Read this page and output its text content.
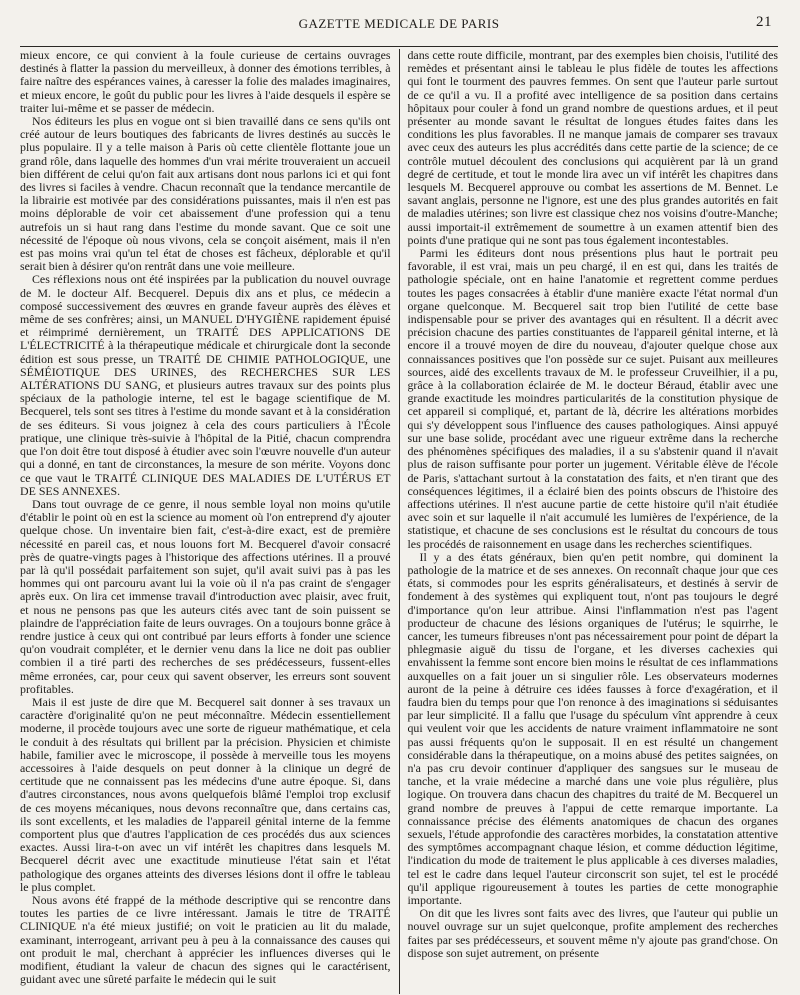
GAZETTE MEDICALE DE PARIS	21

mieux encore, ce qui convient à la foule curieuse de certains ouvrages destinés à flatter la passion du merveilleux, à donner des émotions terribles, à faire naître des espérances vaines, à caresser la folie des malades imaginaires, et mieux encore, le goût du public pour les livres à l'aide desquels il espère se traiter lui-même et se passer de médecin.

Nos éditeurs les plus en vogue ont si bien travaillé dans ce sens qu'ils ont créé autour de leurs boutiques des fabricants de livres destinés au succès le plus populaire. Il y a telle maison à Paris où cette clientèle flottante joue un grand rôle, dans laquelle des hommes d'un vrai mérite trouveraient un accueil bien différent de celui qu'on fait aux artisans dont nous parlons ici et qui font des livres si faciles à vendre. Chacun reconnaît que la tendance mercantile de la librairie est motivée par des considérations puissantes, mais il n'en est pas moins déplorable de voir cet abaissement d'une profession qui a tenu autrefois un si haut rang dans l'estime du monde savant. Que ce soit une nécessité de l'époque où nous vivons, cela se conçoit aisément, mais il n'en est pas moins vrai qu'un tel état de choses est fâcheux, déplorable et qu'il serait bien à désirer qu'on rentrât dans une voie meilleure.

Ces réflexions nous ont été inspirées par la publication du nouvel ouvrage de M. le docteur Alf. Becquerel. Depuis dix ans et plus, ce médecin a composé successivement des œuvres en grande faveur auprès des élèves et même de ses confrères; ainsi, un MANUEL D'HYGIÈNE rapidement épuisé et réimprimé dernièrement, un TRAITÉ DES APPLICATIONS DE L'ÉLECTRICITÉ à la thérapeutique médicale et chirurgicale dont la seconde édition est sous presse, un TRAITÉ DE CHIMIE PATHOLOGIQUE, une SÉMÉIOTIQUE DES URINES, des RECHERCHES SUR LES ALTÉRATIONS DU SANG, et plusieurs autres travaux sur des points plus spéciaux de la pathologie interne, tel est le bagage scientifique de M. Becquerel, tels sont ses titres à l'estime du monde savant et à la considération de ses éditeurs. Si vous joignez à cela des cours particuliers à l'École pratique, une clinique très-suivie à l'hôpital de la Pitié, chacun comprendra que l'on doit être tout disposé à étudier avec soin l'œuvre nouvelle d'un auteur qui a donné, en tant de circonstances, la mesure de son mérite. Voyons donc ce que vaut le TRAITÉ CLINIQUE DES MALADIES DE L'UTÉRUS ET DE SES ANNEXES.

Dans tout ouvrage de ce genre, il nous semble loyal non moins qu'utile d'établir le point où en est la science au moment où l'on entreprend d'y ajouter quelque chose. Un inventaire bien fait, c'est-à-dire exact, est de première nécessité en pareil cas, et nous louons fort M. Becquerel d'avoir consacré près de quatre-vingts pages à l'historique des affections utérines. Il a prouvé par là qu'il possédait parfaitement son sujet, qu'il avait suivi pas à pas les hommes qui ont parcouru avant lui la voie où il n'a pas craint de s'engager après eux. On lira cet immense travail d'introduction avec plaisir, avec fruit, et nous ne pensons pas que les auteurs cités avec tant de soin puissent se plaindre de l'appréciation faite de leurs ouvrages. On a toujours bonne grâce à rendre justice à ceux qui ont contribué par leurs efforts à fonder une science qu'on voudrait compléter, et le dernier venu dans la lice ne doit pas oublier combien il a tiré parti des recherches de ses prédécesseurs, fussent-elles même erronées, car, pour ceux qui savent observer, les erreurs sont souvent profitables.

Mais il est juste de dire que M. Becquerel sait donner à ses travaux un caractère d'originalité qu'on ne peut méconnaître. Médecin essentiellement moderne, il procède toujours avec une sorte de rigueur mathématique, et cela le conduit à des résultats qui brillent par la précision. Physicien et chimiste habile, familier avec le microscope, il possède à merveille tous les moyens accessoires à l'aide desquels on peut donner à la clinique un degré de certitude que ne connaissent pas les médecins d'une autre époque. Si, dans d'autres circonstances, nous avons quelquefois blâmé l'emploi trop exclusif de ces moyens mécaniques, nous devons reconnaître que, dans certains cas, ils sont excellents, et les maladies de l'appareil génital interne de la femme comportent plus que d'autres l'application de ces procédés dus aux sciences exactes. Aussi lira-t-on avec un vif intérêt les chapitres dans lesquels M. Becquerel décrit avec une exactitude minutieuse l'état sain et l'état pathologique des organes atteints des diverses lésions dont il offre le tableau le plus complet.

Nous avons été frappé de la méthode descriptive qui se rencontre dans toutes les parties de ce livre intéressant. Jamais le titre de TRAITÉ CLINIQUE n'a été mieux justifié; on voit le praticien au lit du malade, examinant, interrogeant, arrivant peu à peu à la connaissance des causes qui ont produit le mal, cherchant à apprécier les influences diverses qui le modifient, étudiant la valeur de chacun des signes qui le caractérisent, guidant avec une sûreté parfaite le médecin qui le suit

dans cette route difficile, montrant, par des exemples bien choisis, l'utilité des remèdes et présentant ainsi le tableau le plus fidèle de toutes les affections qui font le tourment des pauvres femmes. On sent que l'auteur parle surtout de ce qu'il a vu. Il a profité avec intelligence de sa position dans certains hôpitaux pour couler à fond un grand nombre de questions ardues, et il peut présenter au monde savant le résultat de longues études faites dans les conditions les plus favorables. Il ne manque jamais de comparer ses travaux avec ceux des auteurs les plus accrédités dans cette partie de la science; de ce contrôle mutuel découlent des conclusions qui acquièrent par là un grand degré de certitude, et tout le monde lira avec un vif intérêt les chapitres dans lesquels M. Becquerel approuve ou combat les assertions de M. Bennet. Le savant anglais, personne ne l'ignore, est une des plus grandes autorités en fait de maladies utérines; son livre est classique chez nos voisins d'outre-Manche; aussi importait-il extrêmement de soumettre à un examen attentif bien des points d'une pratique qui ne sont pas tous également incontestables.

Parmi les éditeurs dont nous présentions plus haut le portrait peu favorable, il est vrai, mais un peu chargé, il en est qui, dans les traités de pathologie spéciale, ont en haine l'anatomie et regrettent comme perdues toutes les pages consacrées à établir d'une manière exacte l'état normal d'un organe quelconque. M. Becquerel sait trop bien l'utilité de cette base indispensable pour se priver des avantages qui en résultent. Il a décrit avec précision chacune des parties constituantes de l'appareil génital interne, et là encore il a trouvé moyen de dire du nouveau, d'ajouter quelque chose aux connaissances positives que l'on possède sur ce sujet. Puisant aux meilleures sources, aidé des excellents travaux de M. le professeur Cruveilhier, il a pu, grâce à la collaboration éclairée de M. le docteur Béraud, établir avec une grande exactitude les moindres particularités de la constitution physique de cet appareil si compliqué, et, partant de là, décrire les altérations morbides qui s'y développent sous l'influence des causes pathologiques. Ainsi appuyé sur une base solide, procédant avec une rigueur extrême dans la recherche des phénomènes spécifiques des maladies, il a su s'abstenir quand il n'avait plus de raison suffisante pour porter un jugement. Véritable élève de l'école de Paris, s'attachant surtout à la constatation des faits, et n'en tirant que des conséquences légitimes, il a éclairé bien des points obscurs de l'histoire des affections utérines. Il n'est aucune partie de cette histoire qu'il n'ait étudiée avec soin et sur laquelle il n'ait accumulé les lumières de l'expérience, de la statistique, et chacune de ses conclusions est le résultat du concours de tous les procédés de raisonnement en usage dans les recherches scientifiques.

Il y a des états généraux, bien qu'en petit nombre, qui dominent la pathologie de la matrice et de ses annexes. On reconnaît chaque jour que ces états, si commodes pour les esprits généralisateurs, et destinés à servir de fondement à des systèmes qui expliquent tout, n'ont pas toujours le degré d'importance qu'on leur attribue. Ainsi l'inflammation n'est pas l'agent producteur de chacune des lésions organiques de l'utérus; le squirrhe, le cancer, les tumeurs fibreuses n'ont pas nécessairement pour point de départ la phlegmasie aiguë du tissu de l'organe, et les diverses cachexies qui envahissent la femme sont encore bien moins le résultat de ces inflammations auxquelles on a fait jouer un si singulier rôle. Les observateurs modernes auront de la peine à détruire ces idées fausses à force d'exagération, et il faudra bien du temps pour que l'on renonce à des imaginations si séduisantes par leur simplicité. Il a fallu que l'usage du spéculum vînt apprendre à ceux qui veulent voir que les accidents de nature vraiment inflammatoire ne sont pas aussi fréquents qu'on le supposait. Il en est résulté un changement considérable dans la thérapeutique, on a moins abusé des petites saignées, on n'a pas cru devoir continuer d'appliquer des sangsues sur le museau de tanche, et la vraie médecine a marché dans une voie plus régulière, plus logique. On trouvera dans chacun des chapitres du traité de M. Becquerel un grand nombre de preuves à l'appui de cette remarque importante. La connaissance précise des éléments anatomiques de chacun des organes sexuels, l'étude approfondie des caractères morbides, la constatation attentive des symptômes accompagnant chaque lésion, et comme déduction légitime, l'indication du mode de traitement le plus applicable à ces diverses maladies, tel est le cadre dans lequel l'auteur circonscrit son sujet, tel est le procédé qu'il applique rigoureusement à toutes les parties de cette monographie importante.

On dit que les livres sont faits avec des livres, que l'auteur qui publie un nouvel ouvrage sur un sujet quelconque, profite amplement des recherches faites par ses prédécesseurs, et souvent même n'y ajoute pas grand'chose. On dispose son sujet autrement, on présente
